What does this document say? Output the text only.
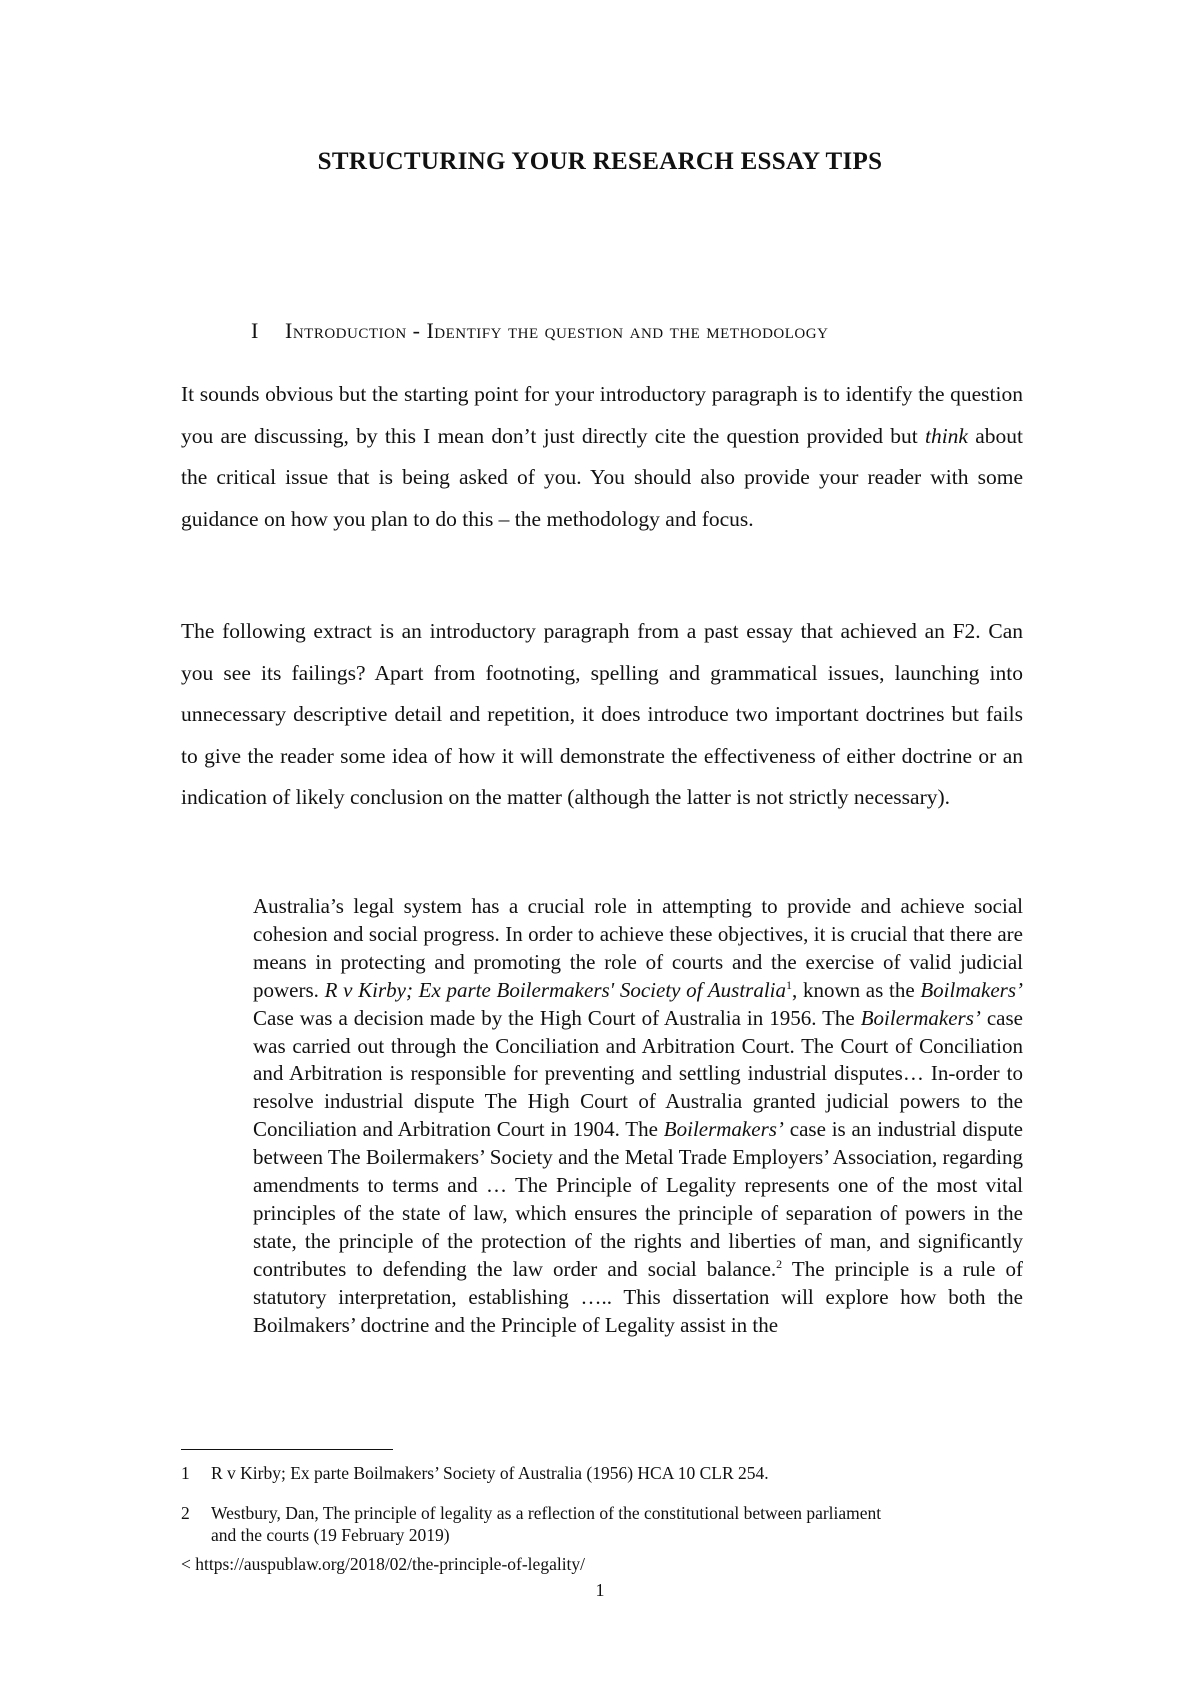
STRUCTURING YOUR RESEARCH ESSAY TIPS
I Introduction - Identify the question and the methodology

It sounds obvious but the starting point for your introductory paragraph is to identify the question you are discussing, by this I mean don’t just directly cite the question provided but think about the critical issue that is being asked of you. You should also provide your reader with some guidance on how you plan to do this – the methodology and focus.

The following extract is an introductory paragraph from a past essay that achieved an F2. Can you see its failings? Apart from footnoting, spelling and grammatical issues, launching into unnecessary descriptive detail and repetition, it does introduce two important doctrines but fails to give the reader some idea of how it will demonstrate the effectiveness of either doctrine or an indication of likely conclusion on the matter (although the latter is not strictly necessary).

Australia’s legal system has a crucial role in attempting to provide and achieve social cohesion and social progress. In order to achieve these objectives, it is crucial that there are means in protecting and promoting the role of courts and the exercise of valid judicial powers. R v Kirby; Ex parte Boilermakers' Society of Australia$^1$, known as the Boilmakers’ Case was a decision made by the High Court of Australia in 1956. The Boilermakers’ case was carried out through the Conciliation and Arbitration Court. The Court of Conciliation and Arbitration is responsible for preventing and settling industrial disputes… In-order to resolve industrial dispute The High Court of Australia granted judicial powers to the Conciliation and Arbitration Court in 1904. The Boilermakers’ case is an industrial dispute between The Boilermakers’ Society and the Metal Trade Employers’ Association, regarding amendments to terms and … The Principle of Legality represents one of the most vital principles of the state of law, which ensures the principle of separation of powers in the state, the principle of the protection of the rights and liberties of man, and significantly contributes to defending the law order and social balance.$^2$ The principle is a rule of statutory interpretation, establishing ….. This dissertation will explore how both the Boilmakers’ doctrine and the Principle of Legality assist in the

1 R v Kirby; Ex parte Boilmakers’ Society of Australia (1956) HCA 10 CLR 254.

2 Westbury, Dan, The principle of legality as a reflection of the constitutional between parliament
and the courts (19 February 2019)

< https://auspublaw.org/2018/02/the-principle-of-legality/

1
